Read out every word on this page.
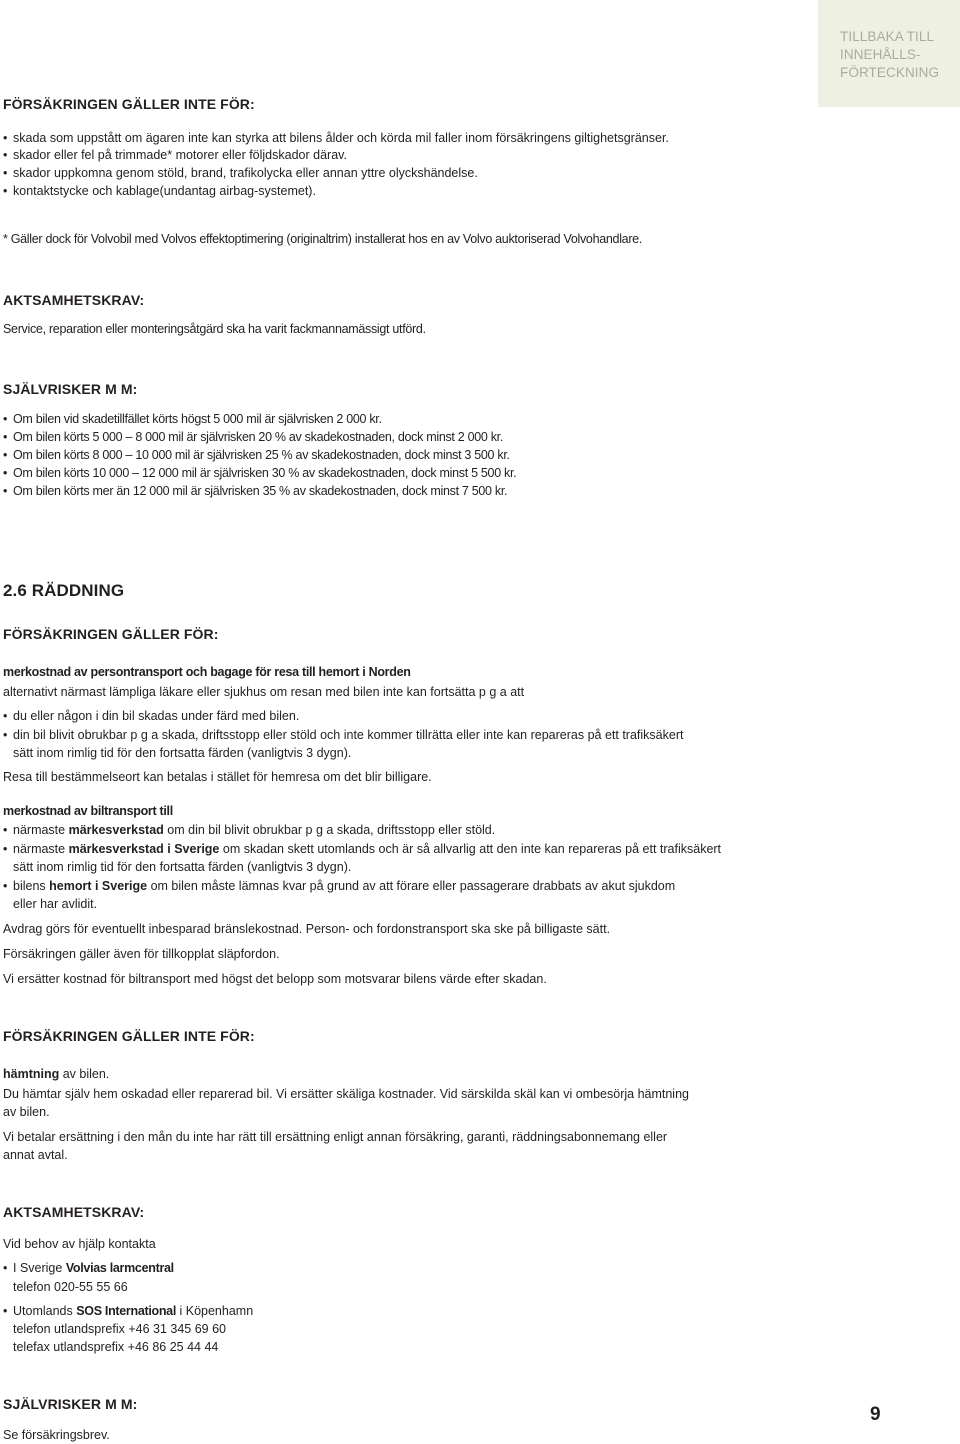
TILLBAKA TILL
INNEHÅLLS-
FÖRTECKNING
FÖRSÄKRINGEN GÄLLER INTE FÖR:
• skada som uppstått om ägaren inte kan styrka att bilens ålder och körda mil faller inom försäkringens giltighetsgränser.
• skador eller fel på trimmade* motorer eller följdskador därav.
• skador uppkomna genom stöld, brand, trafikolycka eller annan yttre olyckshändelse.
• kontaktstycke och kablage(undantag airbag-systemet).
* Gäller dock för Volvobil med Volvos effektoptimering (originaltrim) installerat hos en av Volvo auktoriserad Volvohandlare.
AKTSAMHETSKRAV:
Service, reparation eller monteringsåtgärd ska ha varit fackmannamässigt utförd.
SJÄLVRISKER M M:
• Om bilen vid skadetillfället körts högst 5 000 mil är självrisken 2 000 kr.
• Om bilen körts 5 000 – 8 000 mil är självrisken 20 % av skadekostnaden, dock minst 2 000 kr.
• Om bilen körts 8 000 – 10 000 mil är självrisken 25 % av skadekostnaden, dock minst 3 500 kr.
• Om bilen körts 10 000 – 12 000 mil är självrisken 30 % av skadekostnaden, dock minst 5 500 kr.
• Om bilen körts mer än 12 000 mil är självrisken 35 % av skadekostnaden, dock minst 7 500 kr.
2.6 RÄDDNING
FÖRSÄKRINGEN GÄLLER FÖR:
merkostnad av persontransport och bagage för resa till hemort i Norden
alternativt närmast lämpliga läkare eller sjukhus om resan med bilen inte kan fortsätta p g a att
• du eller någon i din bil skadas under färd med bilen.
• din bil blivit obrukbar p g a skada, driftsstopp eller stöld och inte kommer tillrätta eller inte kan repareras på ett trafiksäkert
sätt inom rimlig tid för den fortsatta färden (vanligtvis 3 dygn).
Resa till bestämmelseort kan betalas i stället för hemresa om det blir billigare.
merkostnad av biltransport till
• närmaste märkesverkstad om din bil blivit obrukbar p g a skada, driftsstopp eller stöld.
• närmaste märkesverkstad i Sverige om skadan skett utomlands och är så allvarlig att den inte kan repareras på ett trafiksäkert
sätt inom rimlig tid för den fortsatta färden (vanligtvis 3 dygn).
• bilens hemort i Sverige om bilen måste lämnas kvar på grund av att förare eller passagerare drabbats av akut sjukdom
eller har avlidit.
Avdrag görs för eventuellt inbesparad bränslekostnad. Person- och fordonstransport ska ske på billigaste sätt.
Försäkringen gäller även för tillkopplat släpfordon.
Vi ersätter kostnad för biltransport med högst det belopp som motsvarar bilens värde efter skadan.
FÖRSÄKRINGEN GÄLLER INTE FÖR:
hämtning av bilen.
Du hämtar själv hem oskadad eller reparerad bil. Vi ersätter skäliga kostnader. Vid särskilda skäl kan vi ombesörja hämtning
av bilen.
Vi betalar ersättning i den mån du inte har rätt till ersättning enligt annan försäkring, garanti, räddningsabonnemang eller
annat avtal.
AKTSAMHETSKRAV:
Vid behov av hjälp kontakta
• I Sverige Volvias larmcentral
telefon 020-55 55 66
• Utomlands SOS International i Köpenhamn
telefon utlandsprefix +46 31 345 69 60
telefax utlandsprefix +46 86 25 44 44
SJÄLVRISKER M M:
Se försäkringsbrev.
9
